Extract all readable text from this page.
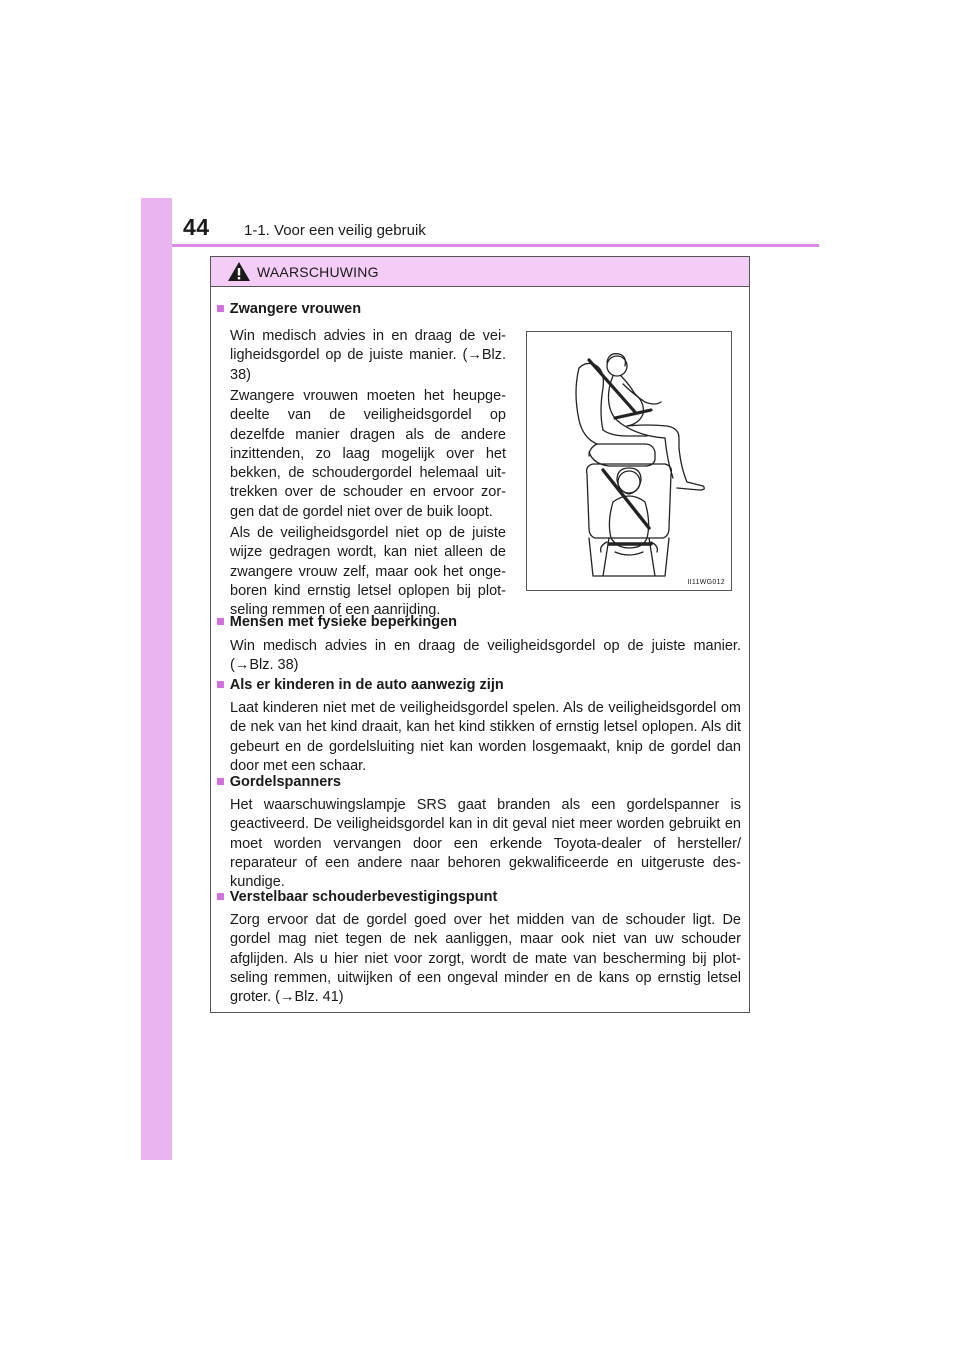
44 1-1. Voor een veilig gebruik
WAARSCHUWING
■ Zwangere vrouwen

Win medisch advies in en draag de vei-ligheidsgordel op de juiste manier. (→Blz. 38)

Zwangere vrouwen moeten het heupge-deelte van de veiligheidsgordel op dezelfde manier dragen als de andere inzittenden, zo laag mogelijk over het bekken, de schoudergordel helemaal uit-trekken over de schouder en ervoor zor-gen dat de gordel niet over de buik loopt.

Als de veiligheidsgordel niet op de juiste wijze gedragen wordt, kan niet alleen de zwangere vrouw zelf, maar ook het onge-boren kind ernstig letsel oplopen bij plot-seling remmen of een aanrijding.

II11WG012
■ Mensen met fysieke beperkingen

Win medisch advies in en draag de veiligheidsgordel op de juiste manier. (→Blz. 38)

■ Als er kinderen in de auto aanwezig zijn

Laat kinderen niet met de veiligheidsgordel spelen. Als de veiligheidsgordel om de nek van het kind draait, kan het kind stikken of ernstig letsel oplopen. Als dit gebeurt en de gordelsluiting niet kan worden losgemaakt, knip de gordel dan door met een schaar.

■ Gordelspanners

Het waarschuwingslampje SRS gaat branden als een gordelspanner is geactiveerd. De veiligheidsgordel kan in dit geval niet meer worden gebruikt en moet worden vervangen door een erkende Toyota-dealer of hersteller/ reparateur of een andere naar behoren gekwalificeerde en uitgeruste des-kundige.

■ Verstelbaar schouderbevestigingspunt

Zorg ervoor dat de gordel goed over het midden van de schouder ligt. De gordel mag niet tegen de nek aanliggen, maar ook niet van uw schouder afglijden. Als u hier niet voor zorgt, wordt de mate van bescherming bij plot-seling remmen, uitwijken of een ongeval minder en de kans op ernstig letsel groter. (→Blz. 41)
